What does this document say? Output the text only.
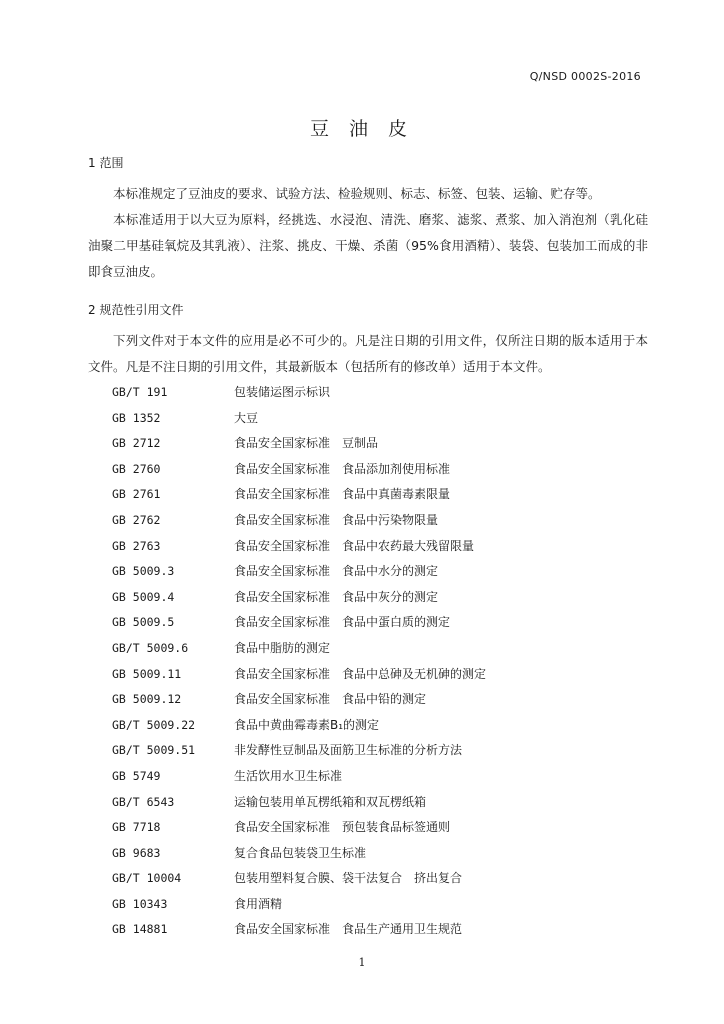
Q/NSD 0002S-2016
豆 油 皮
1 范围

本标准规定了豆油皮的要求、试验方法、检验规则、标志、标签、包装、运输、贮存等。

本标准适用于以大豆为原料，经挑选、水浸泡、清洗、磨浆、滤浆、煮浆、加入消泡剂（乳化硅油聚二甲基硅氧烷及其乳液）、注浆、挑皮、干燥、杀菌（95%食用酒精）、装袋、包装加工而成的非即食豆油皮。

2 规范性引用文件

下列文件对于本文件的应用是必不可少的。凡是注日期的引用文件，仅所注日期的版本适用于本文件。凡是不注日期的引用文件，其最新版本（包括所有的修改单）适用于本文件。

GB/T 191	包装储运图示标识
GB 1352	大豆
GB 2712	食品安全国家标准　豆制品
GB 2760	食品安全国家标准　食品添加剂使用标准
GB 2761	食品安全国家标准　食品中真菌毒素限量
GB 2762	食品安全国家标准　食品中污染物限量
GB 2763	食品安全国家标准　食品中农药最大残留限量
GB 5009.3	食品安全国家标准　食品中水分的测定
GB 5009.4	食品安全国家标准　食品中灰分的测定
GB 5009.5	食品安全国家标准　食品中蛋白质的测定
GB/T 5009.6	食品中脂肪的测定
GB 5009.11	食品安全国家标准　食品中总砷及无机砷的测定
GB 5009.12	食品安全国家标准　食品中铅的测定
GB/T 5009.22	食品中黄曲霉毒素B₁的测定
GB/T 5009.51	非发酵性豆制品及面筋卫生标准的分析方法
GB 5749	生活饮用水卫生标准
GB/T 6543	运输包装用单瓦楞纸箱和双瓦楞纸箱
GB 7718	食品安全国家标准　预包装食品标签通则
GB 9683	复合食品包装袋卫生标准
GB/T 10004	包装用塑料复合膜、袋干法复合　挤出复合
GB 10343	食用酒精
GB 14881	食品安全国家标准　食品生产通用卫生规范
1
